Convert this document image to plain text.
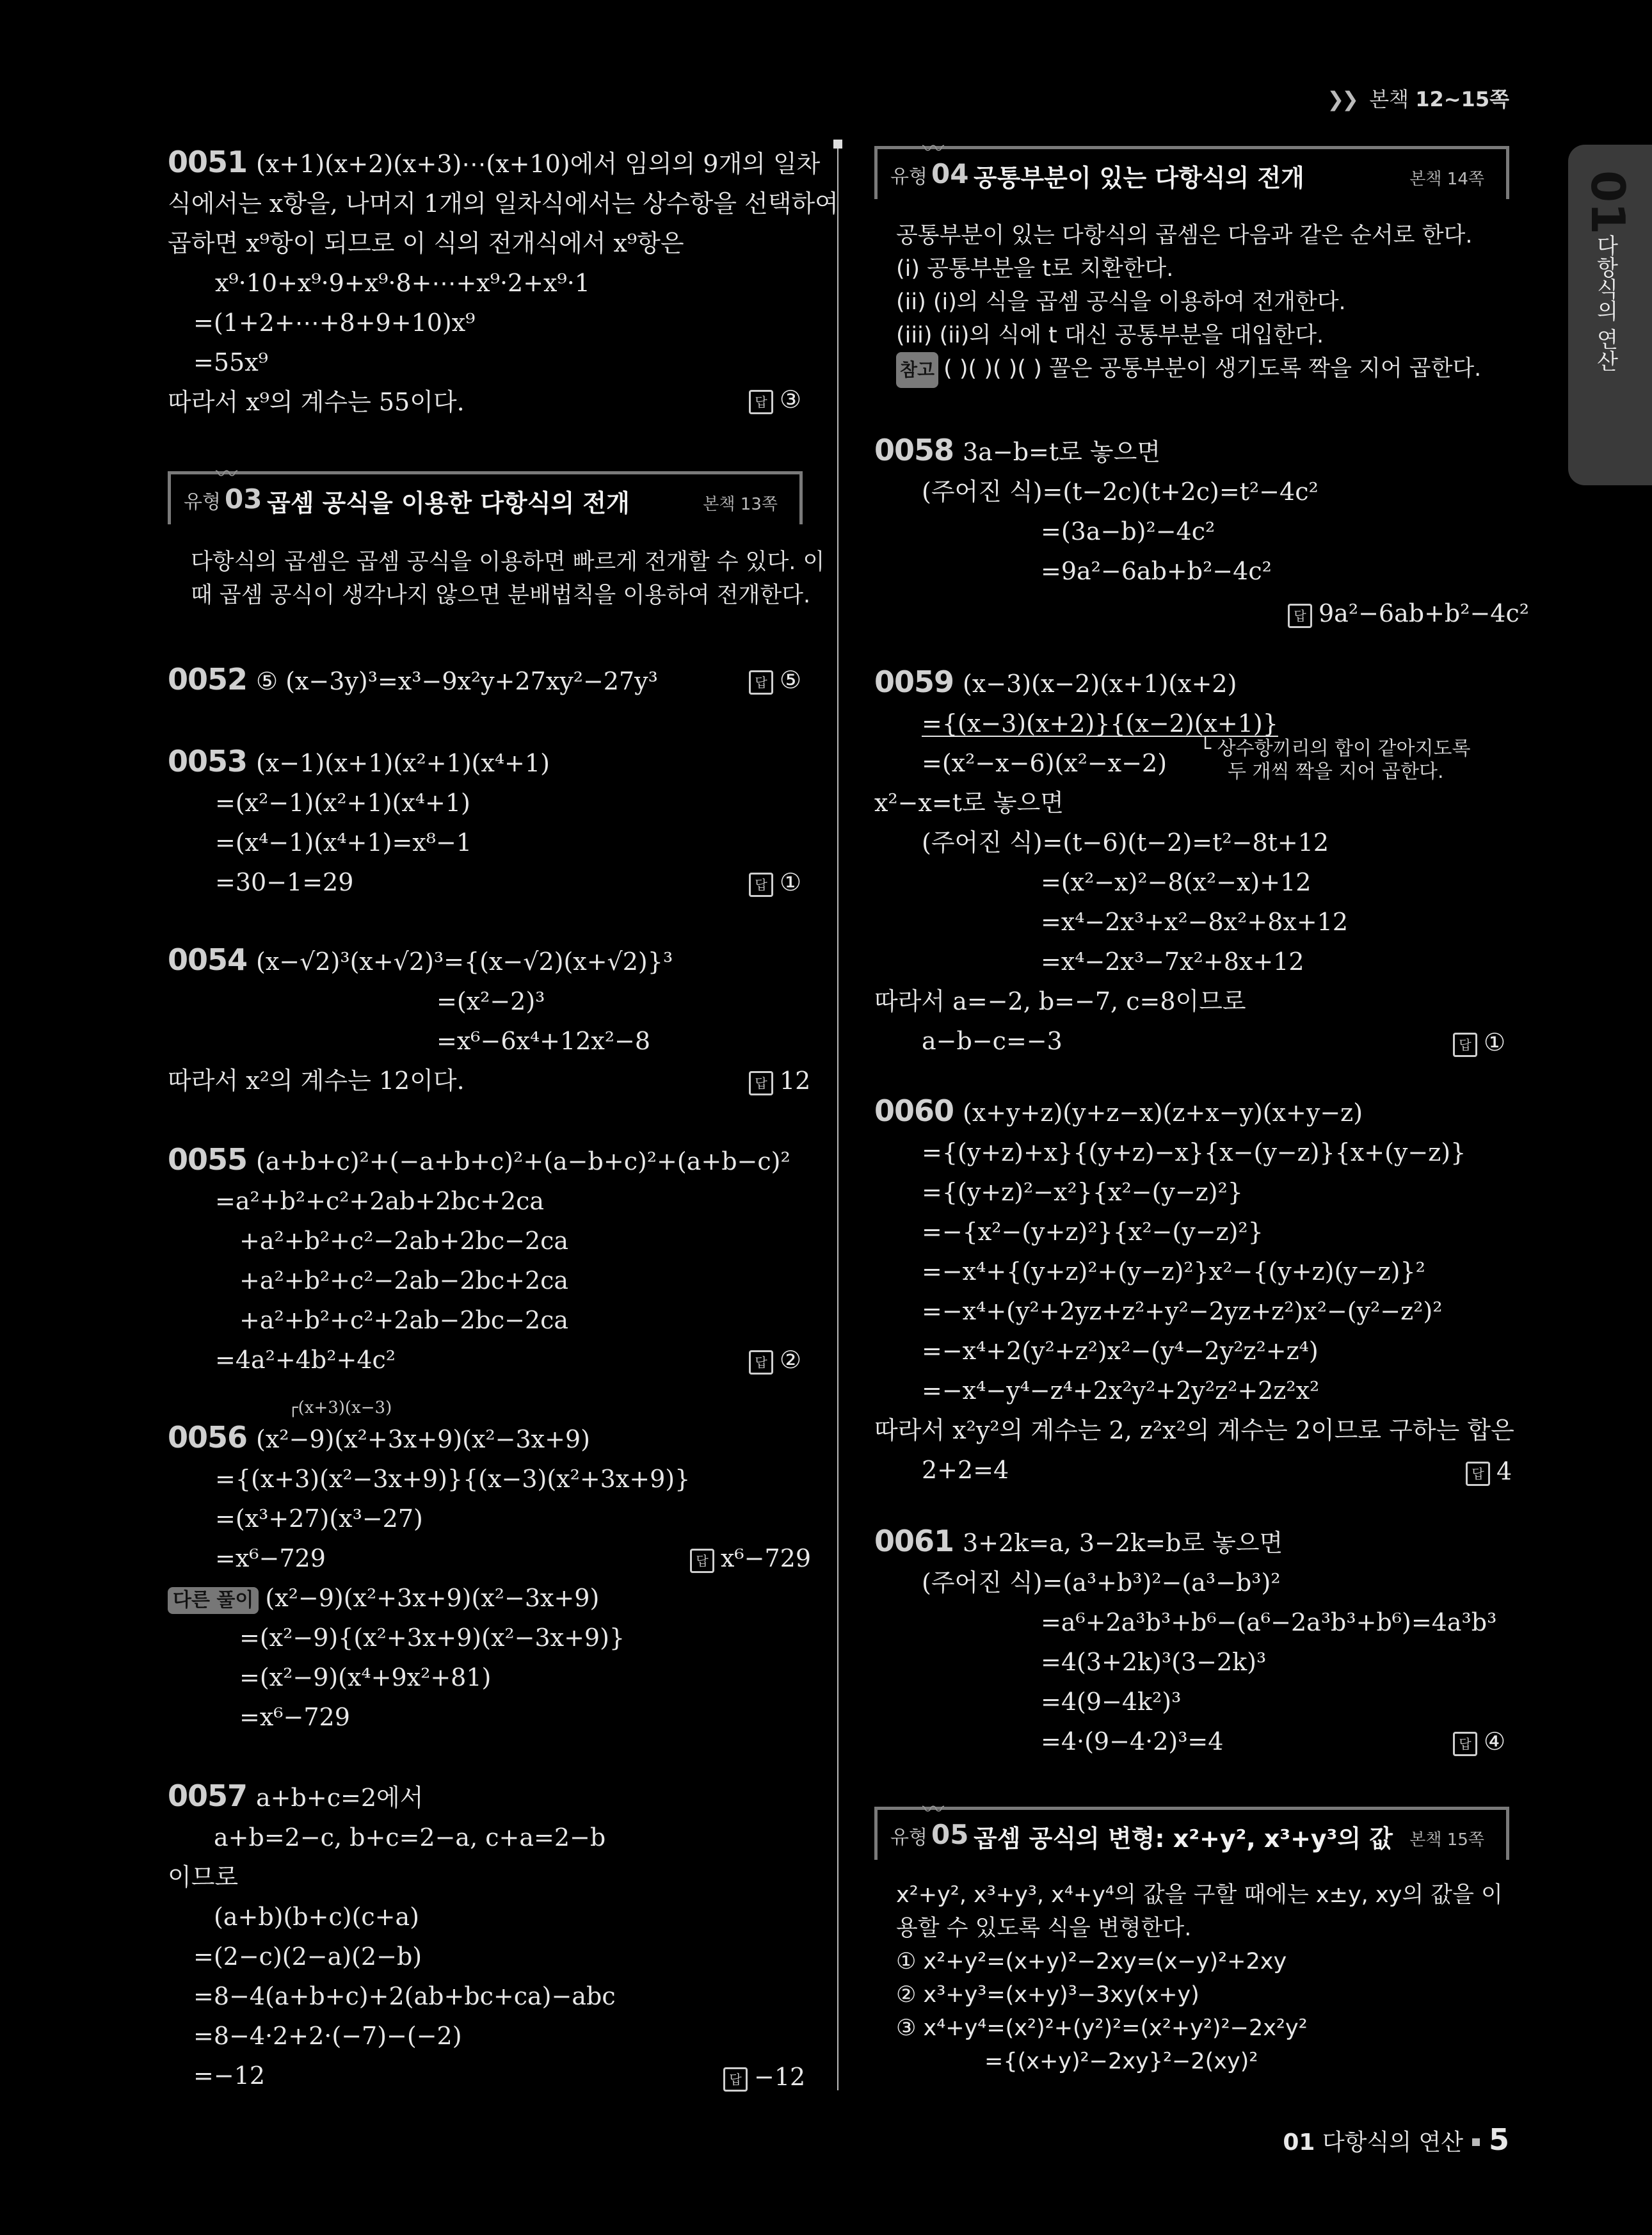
❯❯ 본책 12~15쪽
01
다항식의 연산
0051 (x+1)(x+2)(x+3)⋯(x+10)에서 임의의 9개의 일차
식에서는 x항을, 나머지 1개의 일차식에서는 상수항을 선택하여
곱하면 x⁹항이 되므로 이 식의 전개식에서 x⁹항은
x⁹·10+x⁹·9+x⁹·8+⋯+x⁹·2+x⁹·1
=(1+2+⋯+8+9+10)x⁹
=55x⁹
따라서 x⁹의 계수는 55이다.	답 ③
〰
유형 03 곱셈 공식을 이용한 다항식의 전개	본책 13쪽
다항식의 곱셈은 곱셈 공식을 이용하면 빠르게 전개할 수 있다. 이
때 곱셈 공식이 생각나지 않으면 분배법칙을 이용하여 전개한다.
0052 ⑤ (x−3y)³=x³−9x²y+27xy²−27y³	답 ⑤
0053 (x−1)(x+1)(x²+1)(x⁴+1)
=(x²−1)(x²+1)(x⁴+1)
=(x⁴−1)(x⁴+1)=x⁸−1
=30−1=29	답 ①
0054 (x−√2)³(x+√2)³={(x−√2)(x+√2)}³
=(x²−2)³
=x⁶−6x⁴+12x²−8
따라서 x²의 계수는 12이다.	답 12
0055 (a+b+c)²+(−a+b+c)²+(a−b+c)²+(a+b−c)²
=a²+b²+c²+2ab+2bc+2ca
+a²+b²+c²−2ab+2bc−2ca
+a²+b²+c²−2ab−2bc+2ca
+a²+b²+c²+2ab−2bc−2ca
=4a²+4b²+4c²	답 ②
┌(x+3)(x−3)
0056 (x²−9)(x²+3x+9)(x²−3x+9)
={(x+3)(x²−3x+9)}{(x−3)(x²+3x+9)}
=(x³+27)(x³−27)
=x⁶−729
다른 풀이 (x²−9)(x²+3x+9)(x²−3x+9)
=(x²−9){(x²+3x+9)(x²−3x+9)}
=(x²−9)(x⁴+9x²+81)
=x⁶−729
답 x⁶−729
0057 a+b+c=2에서
a+b=2−c, b+c=2−a, c+a=2−b
이므로
(a+b)(b+c)(c+a)
=(2−c)(2−a)(2−b)
=8−4(a+b+c)+2(ab+bc+ca)−abc
=8−4·2+2·(−7)−(−2)
=−12	답 −12
〰
유형 04 공통부분이 있는 다항식의 전개	본책 14쪽
공통부분이 있는 다항식의 곱셈은 다음과 같은 순서로 한다.
(i) 공통부분을 t로 치환한다.
(ii) (i)의 식을 곱셈 공식을 이용하여 전개한다.
(iii) (ii)의 식에 t 대신 공통부분을 대입한다.
참고 ( )( )( )( ) 꼴은 공통부분이 생기도록 짝을 지어 곱한다.
0058 3a−b=t로 놓으면
(주어진 식)=(t−2c)(t+2c)=t²−4c²
=(3a−b)²−4c²
=9a²−6ab+b²−4c²
답 9a²−6ab+b²−4c²
0059 (x−3)(x−2)(x+1)(x+2)
={(x−3)(x+2)}{(x−2)(x+1)}
=(x²−x−6)(x²−x−2)
x²−x=t로 놓으면
(주어진 식)=(t−6)(t−2)=t²−8t+12
=(x²−x)²−8(x²−x)+12
=x⁴−2x³+x²−8x²+8x+12
=x⁴−2x³−7x²+8x+12
따라서 a=−2, b=−7, c=8이므로
a−b−c=−3
└ 상수항끼리의 합이 같아지도록
두 개씩 짝을 지어 곱한다.
답 ①
0060 (x+y+z)(y+z−x)(z+x−y)(x+y−z)
={(y+z)+x}{(y+z)−x}{x−(y−z)}{x+(y−z)}
={(y+z)²−x²}{x²−(y−z)²}
=−{x²−(y+z)²}{x²−(y−z)²}
=−x⁴+{(y+z)²+(y−z)²}x²−{(y+z)(y−z)}²
=−x⁴+(y²+2yz+z²+y²−2yz+z²)x²−(y²−z²)²
=−x⁴+2(y²+z²)x²−(y⁴−2y²z²+z⁴)
=−x⁴−y⁴−z⁴+2x²y²+2y²z²+2z²x²
따라서 x²y²의 계수는 2, z²x²의 계수는 2이므로 구하는 합은
2+2=4	답 4
0061 3+2k=a, 3−2k=b로 놓으면
(주어진 식)=(a³+b³)²−(a³−b³)²
=a⁶+2a³b³+b⁶−(a⁶−2a³b³+b⁶)=4a³b³
=4(3+2k)³(3−2k)³
=4(9−4k²)³
=4·(9−4·2)³=4	답 ④
〰
유형 05 곱셈 공식의 변형: x²+y², x³+y³의 값 본책 15쪽
x²+y², x³+y³, x⁴+y⁴의 값을 구할 때에는 x±y, xy의 값을 이
용할 수 있도록 식을 변형한다.
① x²+y²=(x+y)²−2xy=(x−y)²+2xy
② x³+y³=(x+y)³−3xy(x+y)
③ x⁴+y⁴=(x²)²+(y²)²=(x²+y²)²−2x²y²
={(x+y)²−2xy}²−2(xy)²
01 다항식의 연산 5
